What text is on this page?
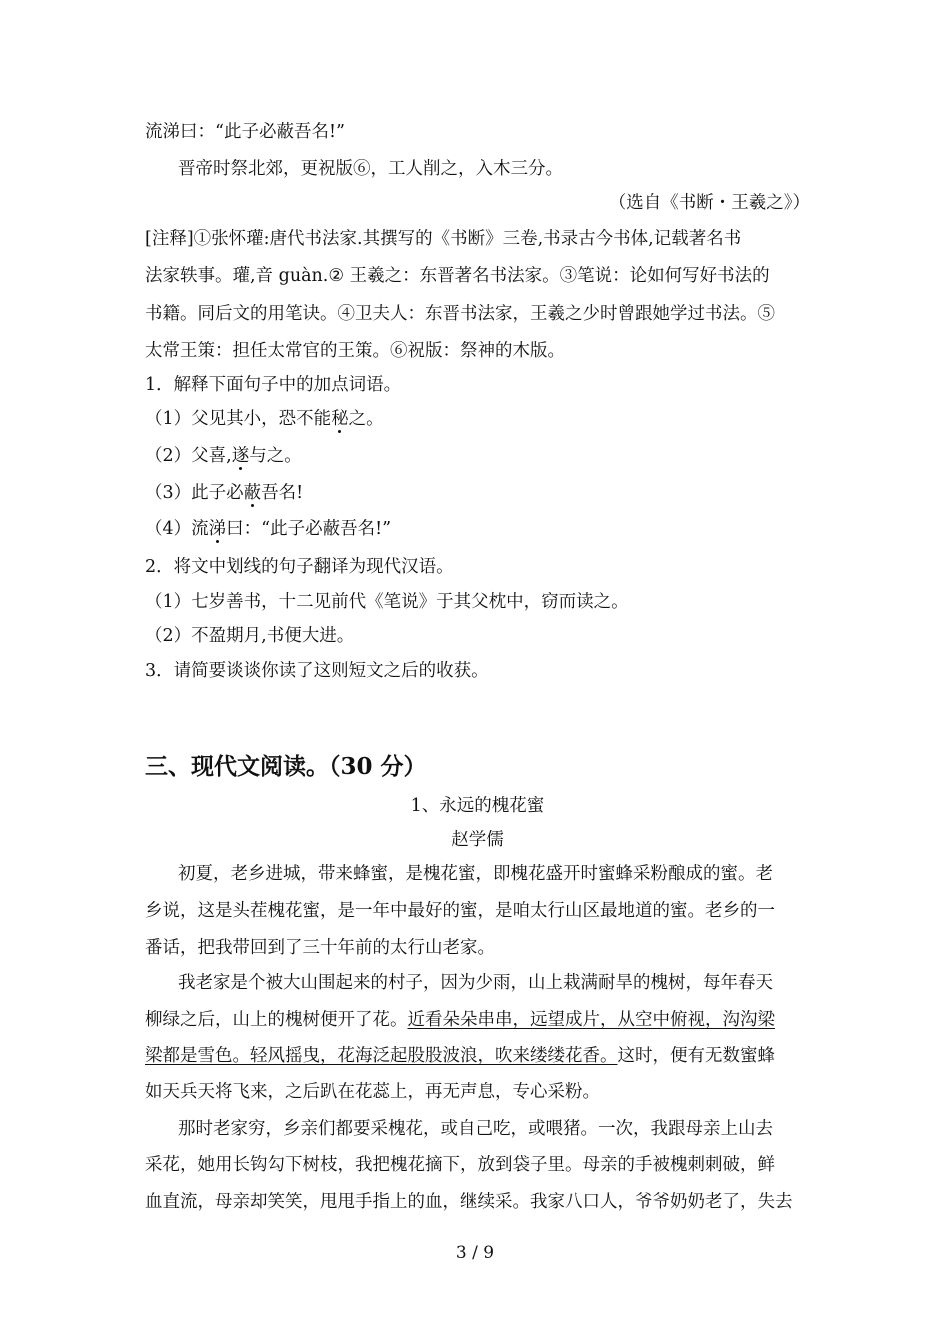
流涕曰：“此子必蔽吾名!”
晋帝时祭北郊，更祝版⑥，工人削之，入木三分。
（选自《书断・王羲之》）
[注释]①张怀瓘:唐代书法家.其撰写的《书断》三卷,书录古今书体,记载著名书
法家轶事。瓘,音 guàn.② 王羲之：东晋著名书法家。③笔说：论如何写好书法的
书籍。同后文的用笔诀。④卫夫人：东晋书法家，王羲之少时曾跟她学过书法。⑤
太常王策：担任太常官的王策。⑥祝版：祭神的木版。
1．解释下面句子中的加点词语。
（1）父见其小，恐不能秘之。
（2）父喜,遂与之。
（3）此子必蔽吾名!
（4）流涕曰：“此子必蔽吾名!”
2．将文中划线的句子翻译为现代汉语。
（1）七岁善书，十二见前代《笔说》于其父枕中，窃而读之。
（2）不盈期月,书便大进。
3．请简要谈谈你读了这则短文之后的收获。
三、现代文阅读。（30 分）
1、永远的槐花蜜
赵学儒
初夏，老乡进城，带来蜂蜜，是槐花蜜，即槐花盛开时蜜蜂采粉酿成的蜜。老
乡说，这是头茬槐花蜜，是一年中最好的蜜，是咱太行山区最地道的蜜。老乡的一
番话，把我带回到了三十年前的太行山老家。
我老家是个被大山围起来的村子，因为少雨，山上栽满耐旱的槐树，每年春天
柳绿之后，山上的槐树便开了花。近看朵朵串串，远望成片，从空中俯视，沟沟梁
梁都是雪色。轻风摇曳，花海泛起股股波浪，吹来缕缕花香。这时，便有无数蜜蜂
如天兵天将飞来，之后趴在花蕊上，再无声息，专心采粉。
那时老家穷，乡亲们都要采槐花，或自己吃，或喂猪。一次，我跟母亲上山去
采花，她用长钩勾下树枝，我把槐花摘下，放到袋子里。母亲的手被槐刺刺破，鲜
血直流，母亲却笑笑，甩甩手指上的血，继续采。我家八口人，爷爷奶奶老了，失去
3 / 9
